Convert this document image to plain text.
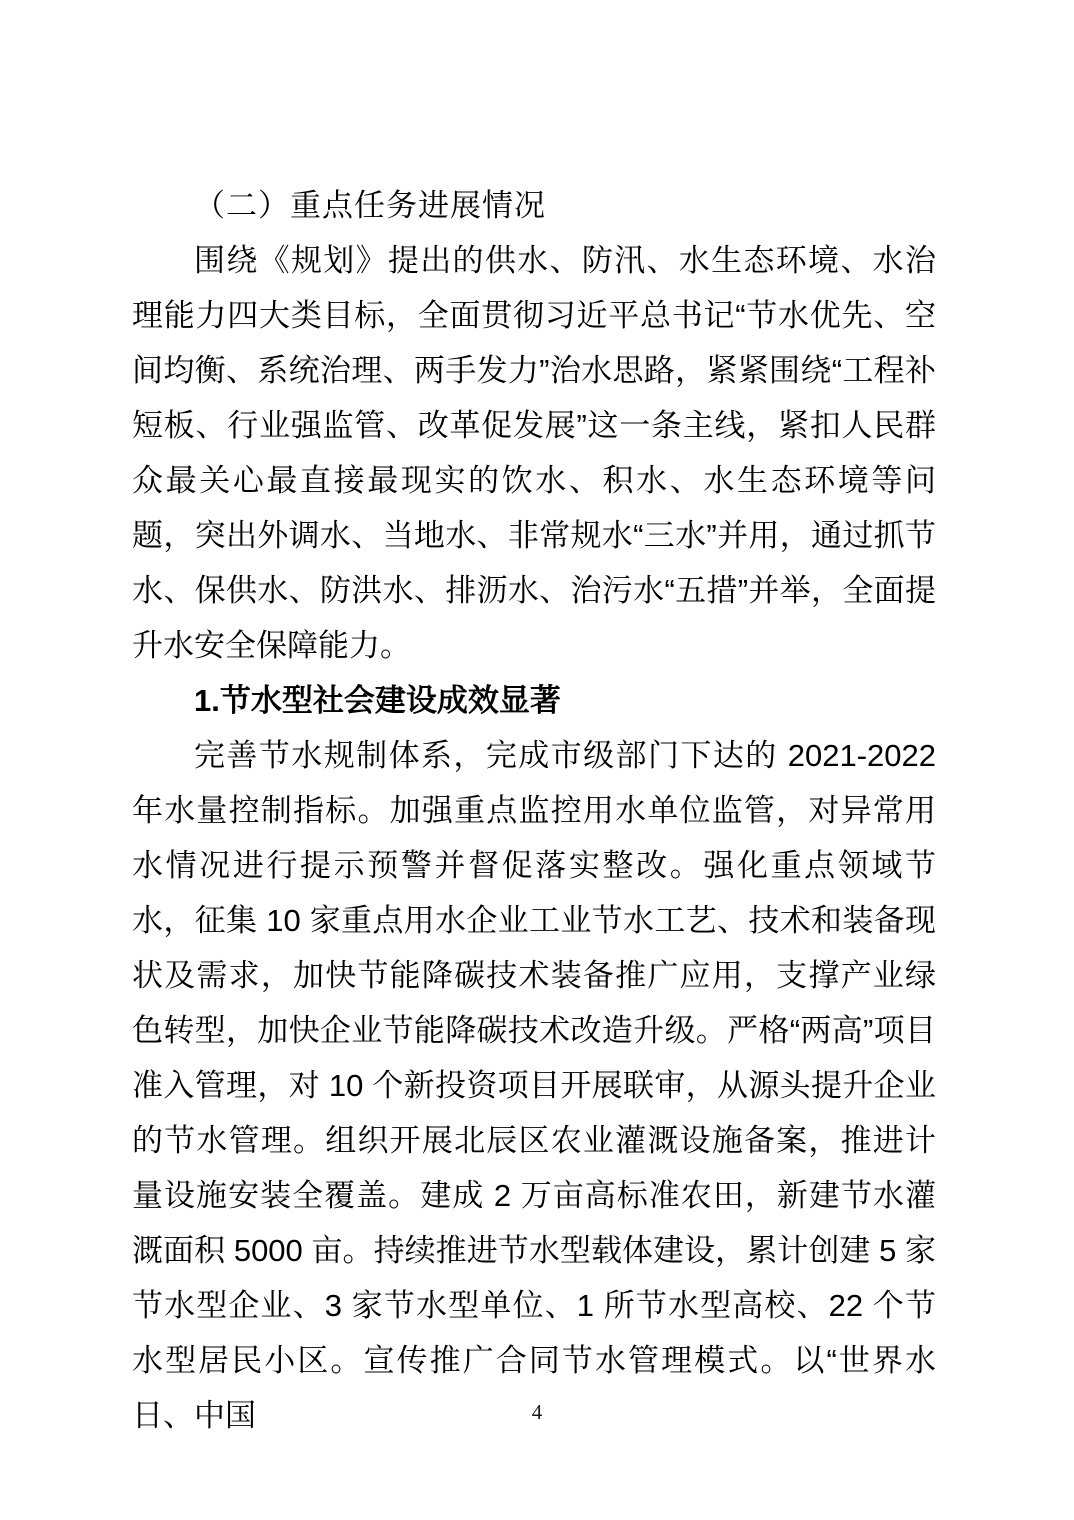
（二）重点任务进展情况

围绕《规划》提出的供水、防汛、水生态环境、水治理能力四大类目标，全面贯彻习近平总书记“节水优先、空间均衡、系统治理、两手发力”治水思路，紧紧围绕“工程补短板、行业强监管、改革促发展”这一条主线，紧扣人民群众最关心最直接最现实的饮水、积水、水生态环境等问题，突出外调水、当地水、非常规水“三水”并用，通过抓节水、保供水、防洪水、排沥水、治污水“五措”并举，全面提升水安全保障能力。

1.节水型社会建设成效显著

完善节水规制体系，完成市级部门下达的 2021-2022 年水量控制指标。加强重点监控用水单位监管，对异常用水情况进行提示预警并督促落实整改。强化重点领域节水，征集 10 家重点用水企业工业节水工艺、技术和装备现状及需求，加快节能降碳技术装备推广应用，支撑产业绿色转型，加快企业节能降碳技术改造升级。严格“两高”项目准入管理，对 10 个新投资项目开展联审，从源头提升企业的节水管理。组织开展北辰区农业灌溉设施备案，推进计量设施安装全覆盖。建成 2 万亩高标准农田，新建节水灌溉面积 5000 亩。持续推进节水型载体建设，累计创建 5 家节水型企业、3 家节水型单位、1 所节水型高校、22 个节水型居民小区。宣传推广合同节水管理模式。以“世界水日、中国	4
